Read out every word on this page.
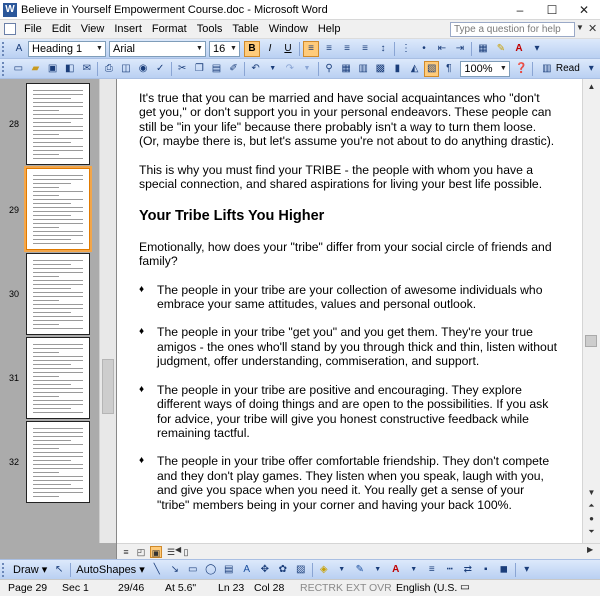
W Believe in Yourself Empowerment Course.doc - Microsoft Word	–	☐	✕
File Edit View Insert Format Tools Table Window Help	Type a question for help	▼ ✕
A Heading 1 ▼ Arial	▼ 16 ▼	B	I	U	≡	≡	≡	≡	↕	⋮	•	⇤ ⇥	▦ ✎	A	▾
▭ ▰ ▣ ◧ ✉	⎙ ◫ ◉ ✓	✂ ❐ ▤ ✐	↶	▼ ↷	▼	⚲ ▦ ▥ ▩ ▮	◭ ▧ ¶	100% ▼ ❓	▥ Read ▾
28
29
30
31
32

It's true that you can be married and have social acquaintances who "don't get you," or don't support you in your personal endeavors. These people can still be "in your life" because there probably isn't a way to turn them loose. (Or, maybe there is, but let's assume you're not about to do anything drastic).

This is why you must find your TRIBE - the people with whom you have a special connection, and shared aspirations for living your best life possible.

Your Tribe Lifts You Higher

Emotionally, how does your "tribe" differ from your social circle of friends and family?

♦	The people in your tribe are your collection of awesome individuals who embrace your same attitudes, values and personal outlook.
♦	The people in your tribe "get you" and you get them. They're your true amigos - the ones who'll stand by you through thick and thin, listen without judgment, offer understanding, commiseration, and support.
♦	The people in your tribe are positive and encouraging. They explore different ways of doing things and are open to the possibilities. If you ask for advice, your tribe will give you honest constructive feedback while remaining tactful.
♦	The people in your tribe offer comfortable friendship. They don't compete and they don't play games. They listen when you speak, laugh with you, and give you space when you need it. You really get a sense of your "tribe" members being in your corner and having your back 100%.
▲
▼
⏶
●
⏷
≡ ◰ ▣ ☰ ▯
◀	▶
Draw ▾ ↖	AutoShapes ▾ ╲	↘ ▭ ◯ ▤ A	✥ ✿ ▨	◈	▼	✎	▼	A	▼	≡	┅	⇄	▪	◼	▾
Page 29 Sec 1	29/46 At 5.6" Ln 23 Col 28 REC TRK EXT OVR English (U.S. ▭
